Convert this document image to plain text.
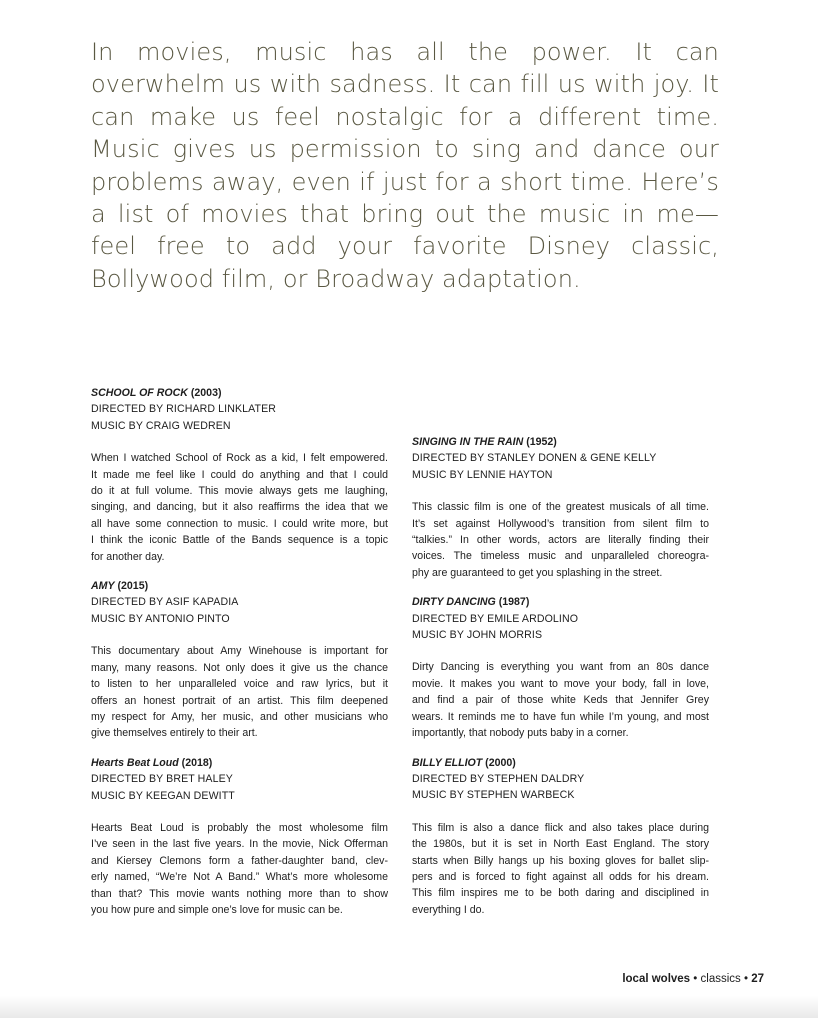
In movies, music has all the power. It can overwhelm us with sadness. It can fill us with joy. It can make us feel nostalgic for a different time. Music gives us permission to sing and dance our problems away, even if just for a short time. Here’s a list of movies that bring out the music in me—feel free to add your favorite Disney classic, Bollywood film, or Broadway adaptation.

SCHOOL OF ROCK (2003)
DIRECTED BY RICHARD LINKLATER
MUSIC BY CRAIG WEDREN
When I watched School of Rock as a kid, I felt empowered.
It made me feel like I could do anything and that I could
do it at full volume. This movie always gets me laughing,
singing, and dancing, but it also reaffirms the idea that we
all have some connection to music. I could write more, but
I think the iconic Battle of the Bands sequence is a topic
for another day.
AMY (2015)
DIRECTED BY ASIF KAPADIA
MUSIC BY ANTONIO PINTO
This documentary about Amy Winehouse is important for
many, many reasons. Not only does it give us the chance
to listen to her unparalleled voice and raw lyrics, but it
offers an honest portrait of an artist. This film deepened
my respect for Amy, her music, and other musicians who
give themselves entirely to their art.
Hearts Beat Loud (2018)
DIRECTED BY BRET HALEY
MUSIC BY KEEGAN DEWITT
Hearts Beat Loud is probably the most wholesome film
I’ve seen in the last five years. In the movie, Nick Offerman
and Kiersey Clemons form a father-daughter band, clev-
erly named, “We’re Not A Band.” What’s more wholesome
than that? This movie wants nothing more than to show
you how pure and simple one’s love for music can be.
SINGING IN THE RAIN (1952)
DIRECTED BY STANLEY DONEN & GENE KELLY
MUSIC BY LENNIE HAYTON
This classic film is one of the greatest musicals of all time.
It’s set against Hollywood’s transition from silent film to
“talkies.” In other words, actors are literally finding their
voices. The timeless music and unparalleled choreogra-
phy are guaranteed to get you splashing in the street.
DIRTY DANCING (1987)
DIRECTED BY EMILE ARDOLINO
MUSIC BY JOHN MORRIS
Dirty Dancing is everything you want from an 80s dance
movie. It makes you want to move your body, fall in love,
and find a pair of those white Keds that Jennifer Grey
wears. It reminds me to have fun while I’m young, and most
importantly, that nobody puts baby in a corner.
BILLY ELLIOT (2000)
DIRECTED BY STEPHEN DALDRY
MUSIC BY STEPHEN WARBECK
This film is also a dance flick and also takes place during
the 1980s, but it is set in North East England. The story
starts when Billy hangs up his boxing gloves for ballet slip-
pers and is forced to fight against all odds for his dream.
This film inspires me to be both daring and disciplined in
everything I do.
local wolves • classics • 27
